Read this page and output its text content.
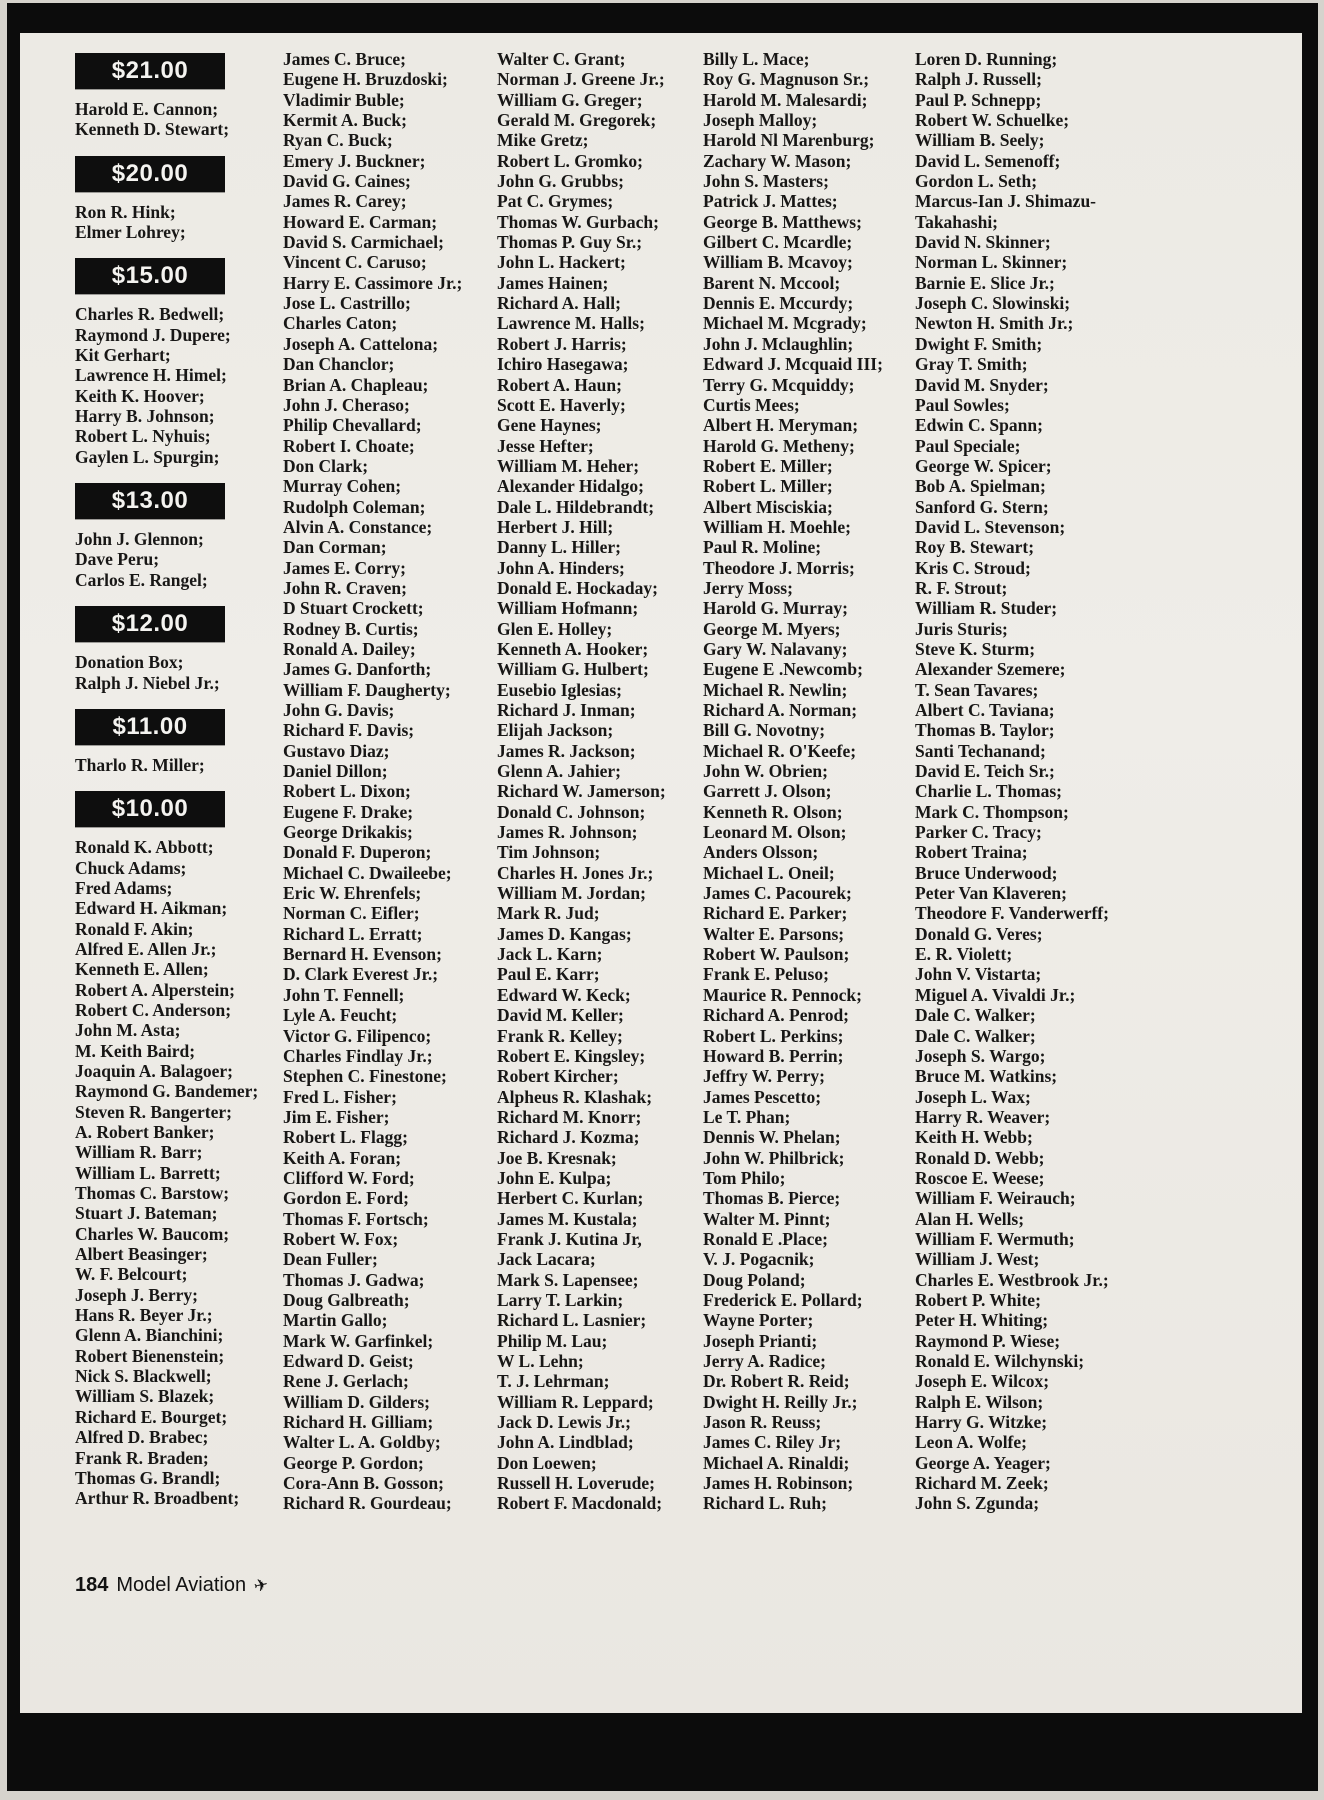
$21.00
Harold E. Cannon;
Kenneth D. Stewart;
$20.00
Ron R. Hink;
Elmer Lohrey;
$15.00
Charles R. Bedwell;
Raymond J. Dupere;
Kit Gerhart;
Lawrence H. Himel;
Keith K. Hoover;
Harry B. Johnson;
Robert L. Nyhuis;
Gaylen L. Spurgin;
$13.00
John J. Glennon;
Dave Peru;
Carlos E. Rangel;
$12.00
Donation Box;
Ralph J. Niebel Jr.;
$11.00
Tharlo R. Miller;
$10.00
Ronald K. Abbott;
Chuck Adams;
Fred Adams;
Edward H. Aikman;
Ronald F. Akin;
Alfred E. Allen Jr.;
Kenneth E. Allen;
Robert A. Alperstein;
Robert C. Anderson;
John M. Asta;
M. Keith Baird;
Joaquin A. Balagoer;
Raymond G. Bandemer;
Steven R. Bangerter;
A. Robert Banker;
William R. Barr;
William L. Barrett;
Thomas C. Barstow;
Stuart J. Bateman;
Charles W. Baucom;
Albert Beasinger;
W. F. Belcourt;
Joseph J. Berry;
Hans R. Beyer Jr.;
Glenn A. Bianchini;
Robert Bienenstein;
Nick S. Blackwell;
William S. Blazek;
Richard E. Bourget;
Alfred D. Brabec;
Frank R. Braden;
Thomas G. Brandl;
Arthur R. Broadbent;
James C. Bruce;
Eugene H. Bruzdoski;
Vladimir Buble;
Kermit A. Buck;
Ryan C. Buck;
Emery J. Buckner;
David G. Caines;
James R. Carey;
Howard E. Carman;
David S. Carmichael;
Vincent C. Caruso;
Harry E. Cassimore Jr.;
Jose L. Castrillo;
Charles Caton;
Joseph A. Cattelona;
Dan Chanclor;
Brian A. Chapleau;
John J. Cheraso;
Philip Chevallard;
Robert I. Choate;
Don Clark;
Murray Cohen;
Rudolph Coleman;
Alvin A. Constance;
Dan Corman;
James E. Corry;
John R. Craven;
D Stuart Crockett;
Rodney B. Curtis;
Ronald A. Dailey;
James G. Danforth;
William F. Daugherty;
John G. Davis;
Richard F. Davis;
Gustavo Diaz;
Daniel Dillon;
Robert L. Dixon;
Eugene F. Drake;
George Drikakis;
Donald F. Duperon;
Michael C. Dwaileebe;
Eric W. Ehrenfels;
Norman C. Eifler;
Richard L. Erratt;
Bernard H. Evenson;
D. Clark Everest Jr.;
John T. Fennell;
Lyle A. Feucht;
Victor G. Filipenco;
Charles Findlay Jr.;
Stephen C. Finestone;
Fred L. Fisher;
Jim E. Fisher;
Robert L. Flagg;
Keith A. Foran;
Clifford W. Ford;
Gordon E. Ford;
Thomas F. Fortsch;
Robert W. Fox;
Dean Fuller;
Thomas J. Gadwa;
Doug Galbreath;
Martin Gallo;
Mark W. Garfinkel;
Edward D. Geist;
Rene J. Gerlach;
William D. Gilders;
Richard H. Gilliam;
Walter L. A. Goldby;
George P. Gordon;
Cora-Ann B. Gosson;
Richard R. Gourdeau;
Walter C. Grant;
Norman J. Greene Jr.;
William G. Greger;
Gerald M. Gregorek;
Mike Gretz;
Robert L. Gromko;
John G. Grubbs;
Pat C. Grymes;
Thomas W. Gurbach;
Thomas P. Guy Sr.;
John L. Hackert;
James Hainen;
Richard A. Hall;
Lawrence M. Halls;
Robert J. Harris;
Ichiro Hasegawa;
Robert A. Haun;
Scott E. Haverly;
Gene Haynes;
Jesse Hefter;
William M. Heher;
Alexander Hidalgo;
Dale L. Hildebrandt;
Herbert J. Hill;
Danny L. Hiller;
John A. Hinders;
Donald E. Hockaday;
William Hofmann;
Glen E. Holley;
Kenneth A. Hooker;
William G. Hulbert;
Eusebio Iglesias;
Richard J. Inman;
Elijah Jackson;
James R. Jackson;
Glenn A. Jahier;
Richard W. Jamerson;
Donald C. Johnson;
James R. Johnson;
Tim Johnson;
Charles H. Jones Jr.;
William M. Jordan;
Mark R. Jud;
James D. Kangas;
Jack L. Karn;
Paul E. Karr;
Edward W. Keck;
David M. Keller;
Frank R. Kelley;
Robert E. Kingsley;
Robert Kircher;
Alpheus R. Klashak;
Richard M. Knorr;
Richard J. Kozma;
Joe B. Kresnak;
John E. Kulpa;
Herbert C. Kurlan;
James M. Kustala;
Frank J. Kutina Jr,
Jack Lacara;
Mark S. Lapensee;
Larry T. Larkin;
Richard L. Lasnier;
Philip M. Lau;
W L. Lehn;
T. J. Lehrman;
William R. Leppard;
Jack D. Lewis Jr.;
John A. Lindblad;
Don Loewen;
Russell H. Loverude;
Robert F. Macdonald;
Billy L. Mace;
Roy G. Magnuson Sr.;
Harold M. Malesardi;
Joseph Malloy;
Harold Nl Marenburg;
Zachary W. Mason;
John S. Masters;
Patrick J. Mattes;
George B. Matthews;
Gilbert C. Mcardle;
William B. Mcavoy;
Barent N. Mccool;
Dennis E. Mccurdy;
Michael M. Mcgrady;
John J. Mclaughlin;
Edward J. Mcquaid III;
Terry G. Mcquiddy;
Curtis Mees;
Albert H. Meryman;
Harold G. Metheny;
Robert E. Miller;
Robert L. Miller;
Albert Misciskia;
William H. Moehle;
Paul R. Moline;
Theodore J. Morris;
Jerry Moss;
Harold G. Murray;
George M. Myers;
Gary W. Nalavany;
Eugene E .Newcomb;
Michael R. Newlin;
Richard A. Norman;
Bill G. Novotny;
Michael R. O'Keefe;
John W. Obrien;
Garrett J. Olson;
Kenneth R. Olson;
Leonard M. Olson;
Anders Olsson;
Michael L. Oneil;
James C. Pacourek;
Richard E. Parker;
Walter E. Parsons;
Robert W. Paulson;
Frank E. Peluso;
Maurice R. Pennock;
Richard A. Penrod;
Robert L. Perkins;
Howard B. Perrin;
Jeffry W. Perry;
James Pescetto;
Le T. Phan;
Dennis W. Phelan;
John W. Philbrick;
Tom Philo;
Thomas B. Pierce;
Walter M. Pinnt;
Ronald E .Place;
V. J. Pogacnik;
Doug Poland;
Frederick E. Pollard;
Wayne Porter;
Joseph Prianti;
Jerry A. Radice;
Dr. Robert R. Reid;
Dwight H. Reilly Jr.;
Jason R. Reuss;
James C. Riley Jr;
Michael A. Rinaldi;
James H. Robinson;
Richard L. Ruh;
Loren D. Running;
Ralph J. Russell;
Paul P. Schnepp;
Robert W. Schuelke;
William B. Seely;
David L. Semenoff;
Gordon L. Seth;
Marcus-Ian J. Shimazu-
Takahashi;
David N. Skinner;
Norman L. Skinner;
Barnie E. Slice Jr.;
Joseph C. Slowinski;
Newton H. Smith Jr.;
Dwight F. Smith;
Gray T. Smith;
David M. Snyder;
Paul Sowles;
Edwin C. Spann;
Paul Speciale;
George W. Spicer;
Bob A. Spielman;
Sanford G. Stern;
David L. Stevenson;
Roy B. Stewart;
Kris C. Stroud;
R. F. Strout;
William R. Studer;
Juris Sturis;
Steve K. Sturm;
Alexander Szemere;
T. Sean Tavares;
Albert C. Taviana;
Thomas B. Taylor;
Santi Techanand;
David E. Teich Sr.;
Charlie L. Thomas;
Mark C. Thompson;
Parker C. Tracy;
Robert Traina;
Bruce Underwood;
Peter Van Klaveren;
Theodore F. Vanderwerff;
Donald G. Veres;
E. R. Violett;
John V. Vistarta;
Miguel A. Vivaldi Jr.;
Dale C. Walker;
Dale C. Walker;
Joseph S. Wargo;
Bruce M. Watkins;
Joseph L. Wax;
Harry R. Weaver;
Keith H. Webb;
Ronald D. Webb;
Roscoe E. Weese;
William F. Weirauch;
Alan H. Wells;
William F. Wermuth;
William J. West;
Charles E. Westbrook Jr.;
Robert P. White;
Peter H. Whiting;
Raymond P. Wiese;
Ronald E. Wilchynski;
Joseph E. Wilcox;
Ralph E. Wilson;
Harry G. Witzke;
Leon A. Wolfe;
George A. Yeager;
Richard M. Zeek;
John S. Zgunda;
184 Model Aviation ✈
